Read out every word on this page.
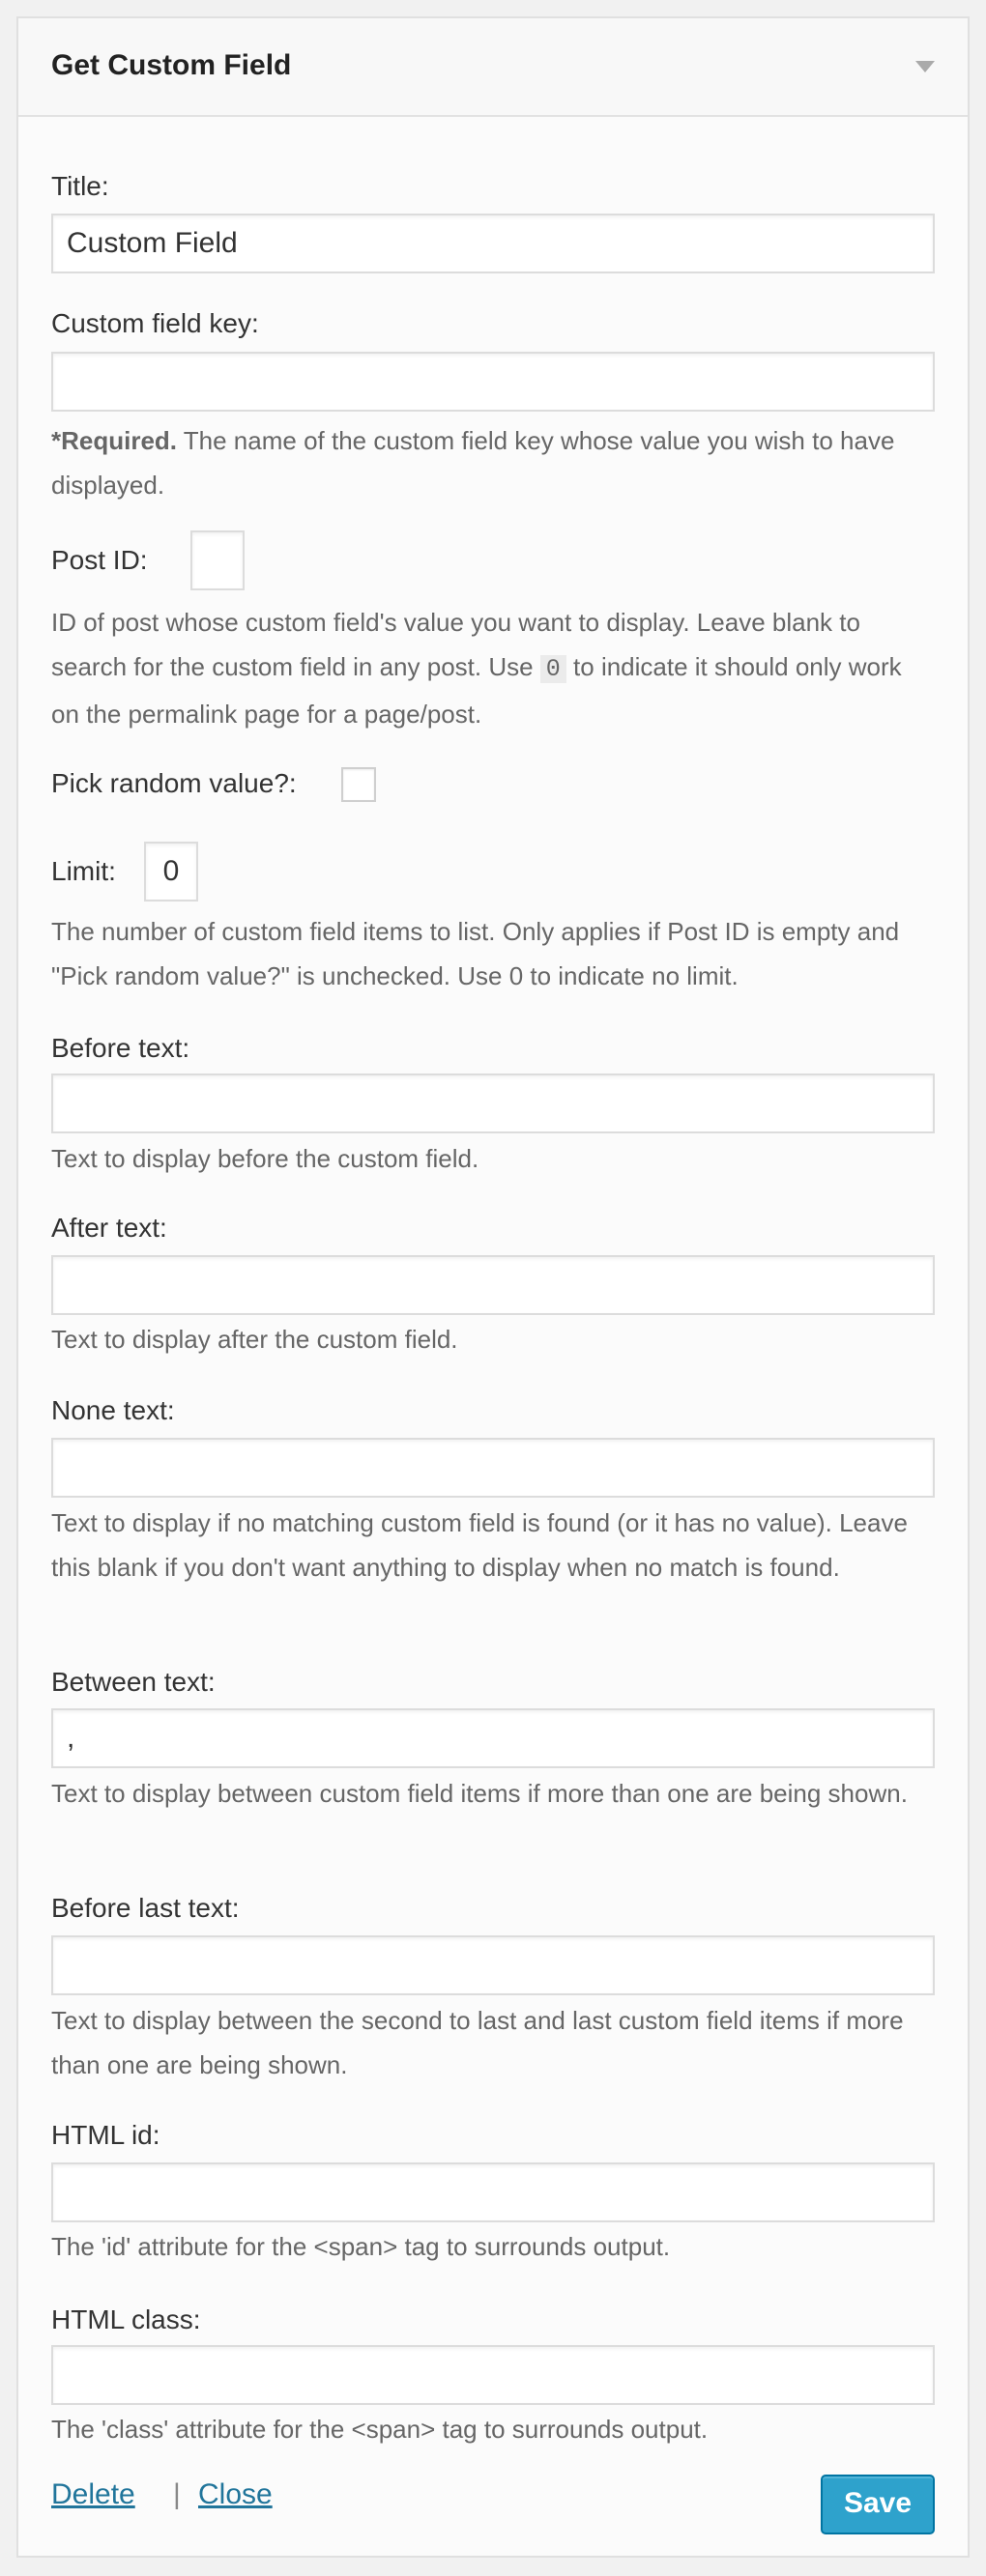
Get Custom Field
Title:
Custom Field
Custom field key:
*Required. The name of the custom field key whose value you wish to have displayed.
Post ID:
ID of post whose custom field's value you want to display. Leave blank to search for the custom field in any post. Use 0 to indicate it should only work on the permalink page for a page/post.
Pick random value?:
Limit:	0
The number of custom field items to list. Only applies if Post ID is empty and "Pick random value?" is unchecked. Use 0 to indicate no limit.
Before text:
Text to display before the custom field.
After text:
Text to display after the custom field.
None text:
Text to display if no matching custom field is found (or it has no value). Leave this blank if you don't want anything to display when no match is found.
Between text:
,
Text to display between custom field items if more than one are being shown.
Before last text:
Text to display between the second to last and last custom field items if more than one are being shown.
HTML id:
The 'id' attribute for the <span> tag to surrounds output.
HTML class:
The 'class' attribute for the <span> tag to surrounds output.
Delete | Close	Save
